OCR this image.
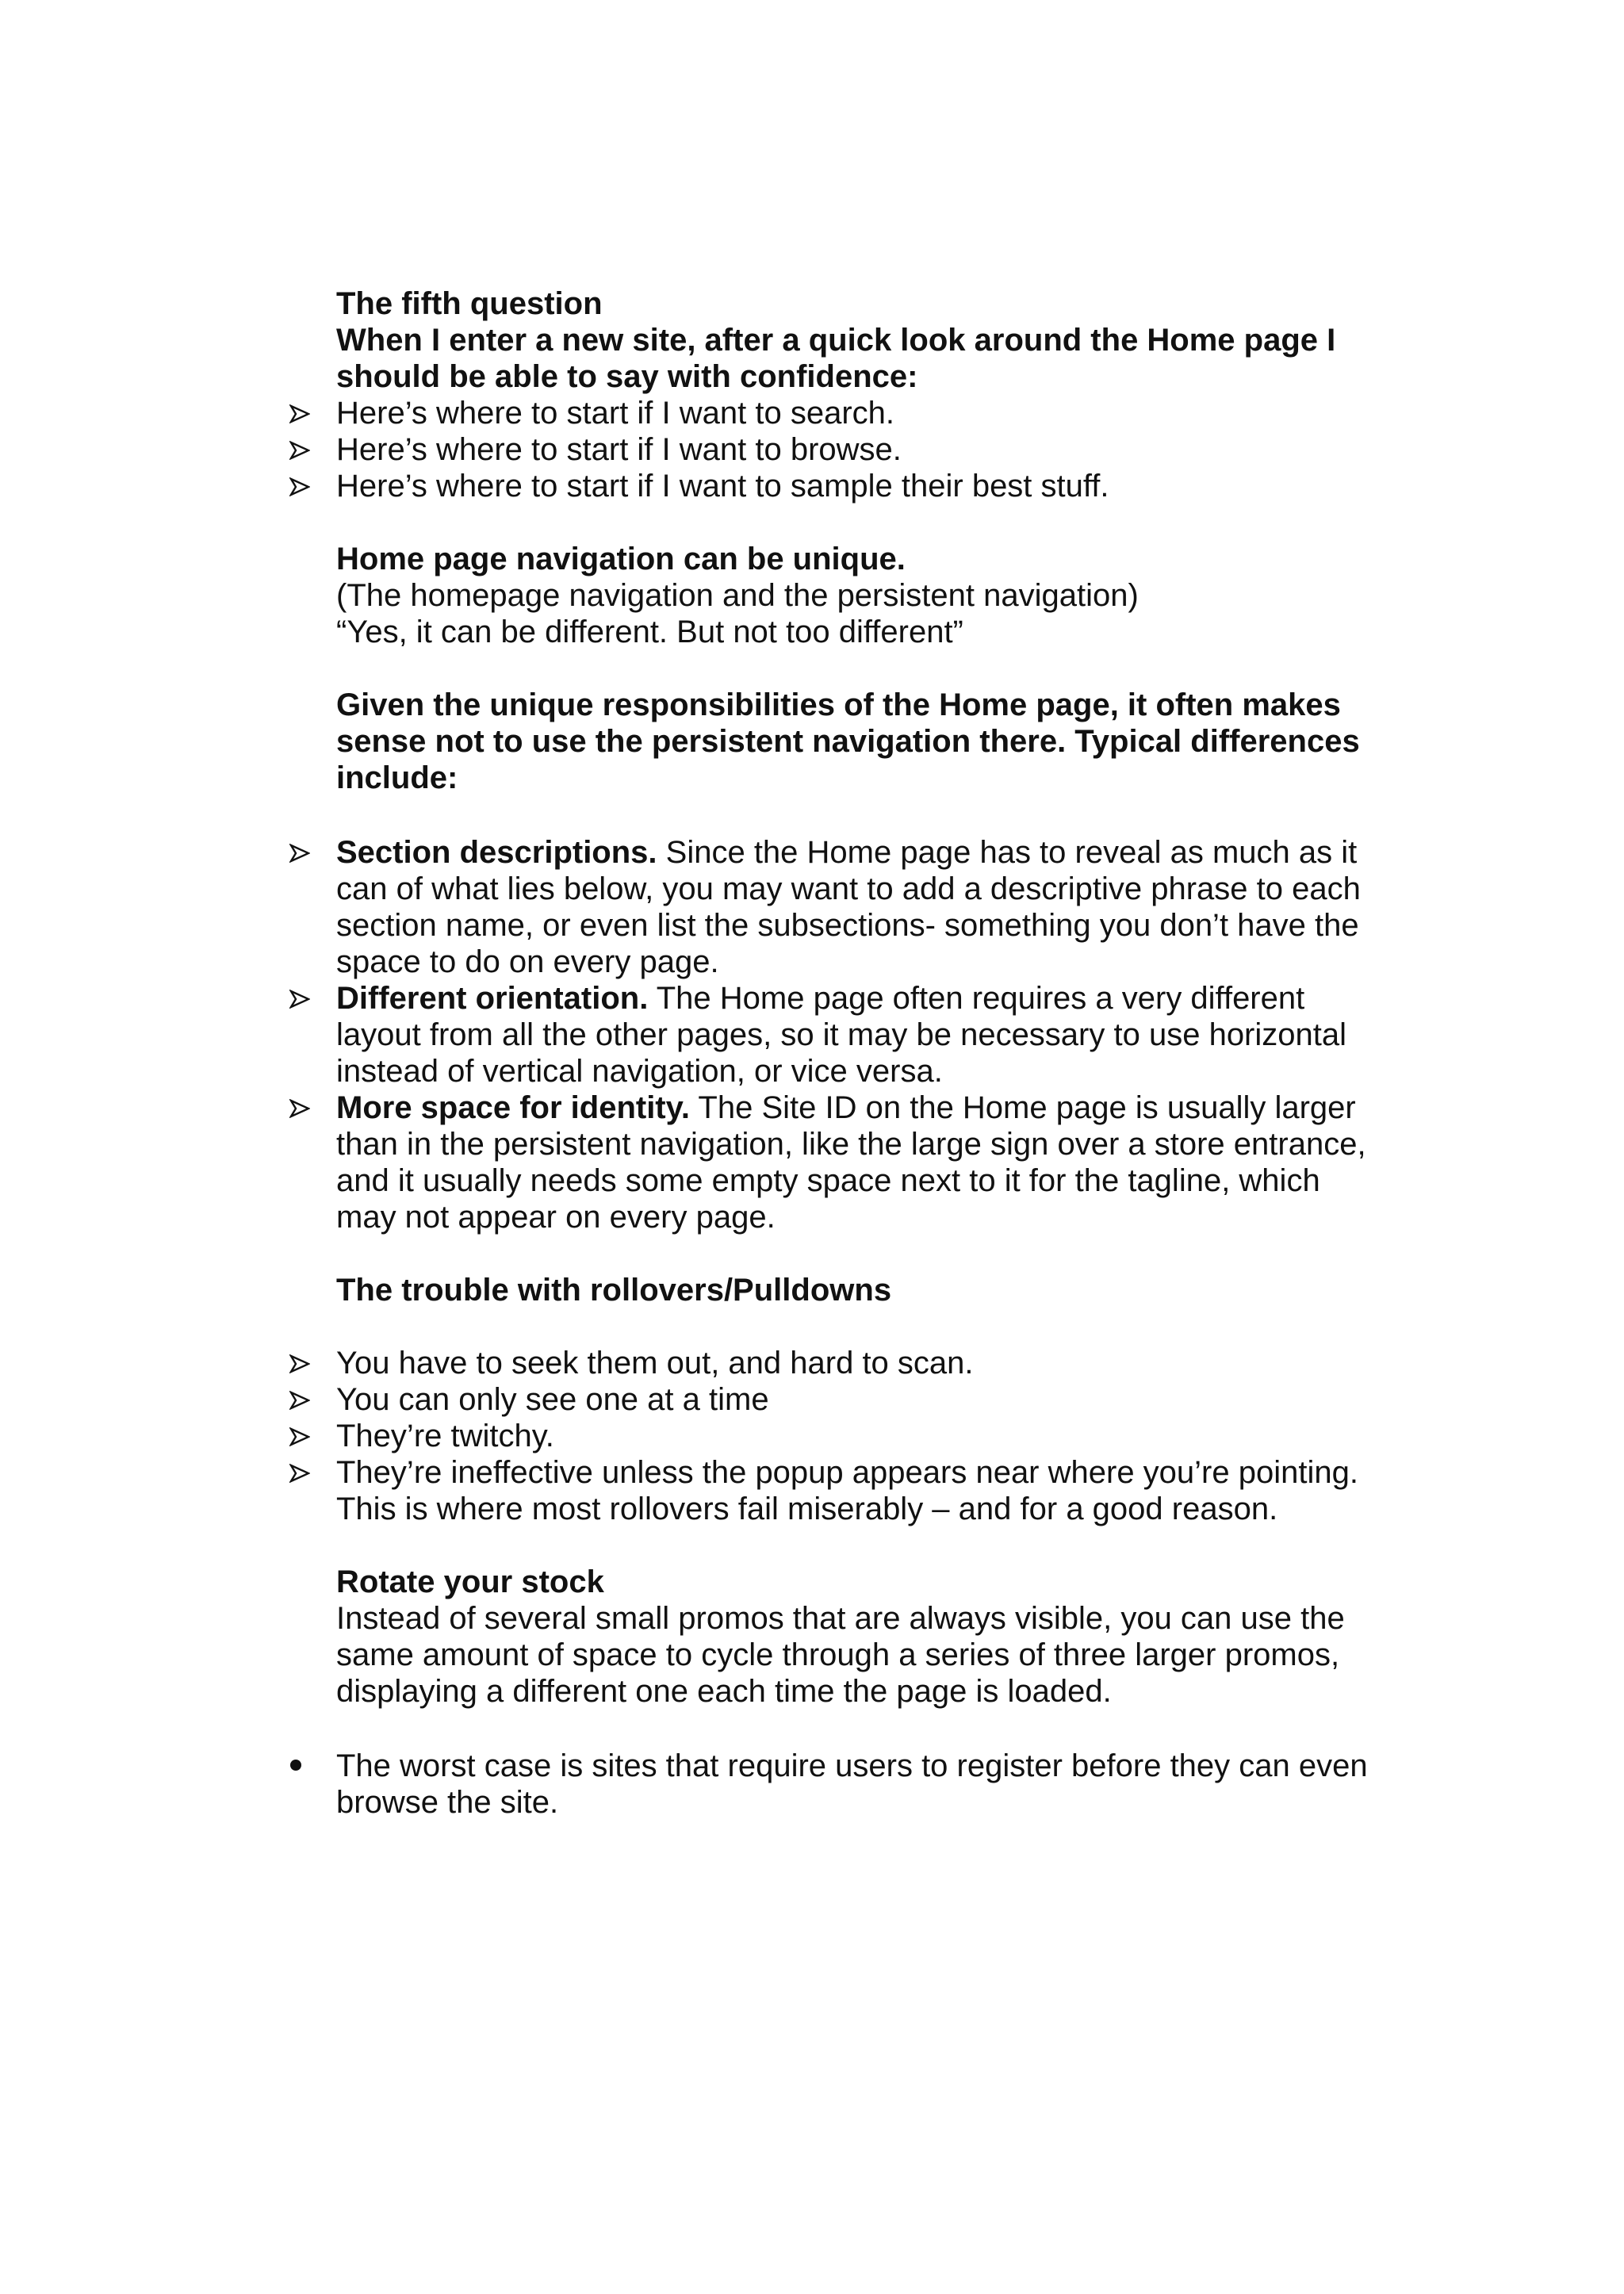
The fifth question
When I enter a new site, after a quick look around the Home page I
should be able to say with confidence:
Here’s where to start if I want to search.
Here’s where to start if I want to browse.
Here’s where to start if I want to sample their best stuff.
Home page navigation can be unique.
(The homepage navigation and the persistent navigation)
“Yes, it can be different. But not too different”
Given the unique responsibilities of the Home page, it often makes
sense not to use the persistent navigation there. Typical differences
include:
Section descriptions. Since the Home page has to reveal as much as it
can of what lies below, you may want to add a descriptive phrase to each
section name, or even list the subsections- something you don’t have the
space to do on every page.
Different orientation. The Home page often requires a very different
layout from all the other pages, so it may be necessary to use horizontal
instead of vertical navigation, or vice versa.
More space for identity. The Site ID on the Home page is usually larger
than in the persistent navigation, like the large sign over a store entrance,
and it usually needs some empty space next to it for the tagline, which
may not appear on every page.
The trouble with rollovers/Pulldowns
You have to seek them out, and hard to scan.
You can only see one at a time
They’re twitchy.
They’re ineffective unless the popup appears near where you’re pointing.
This is where most rollovers fail miserably – and for a good reason.
Rotate your stock
Instead of several small promos that are always visible, you can use the
same amount of space to cycle through a series of three larger promos,
displaying a different one each time the page is loaded.
The worst case is sites that require users to register before they can even
browse the site.
